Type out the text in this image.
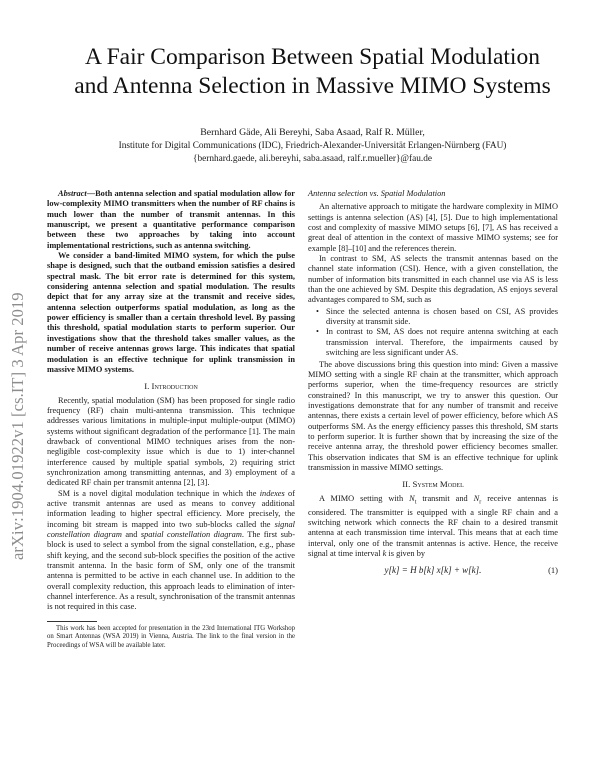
arXiv:1904.01922v1 [cs.IT] 3 Apr 2019
A Fair Comparison Between Spatial Modulation
and Antenna Selection in Massive MIMO Systems
Bernhard Gäde, Ali Bereyhi, Saba Asaad, Ralf R. Müller,
Institute for Digital Communications (IDC), Friedrich-Alexander-Universität Erlangen-Nürnberg (FAU)
{bernhard.gaede, ali.bereyhi, saba.asaad, ralf.r.mueller}@fau.de

Abstract—Both antenna selection and spatial modulation allow for low-complexity MIMO transmitters when the number of RF chains is much lower than the number of transmit antennas. In this manuscript, we present a quantitative performance comparison between these two approaches by taking into account implementational restrictions, such as antenna switching.

We consider a band-limited MIMO system, for which the pulse shape is designed, such that the outband emission satisfies a desired spectral mask. The bit error rate is determined for this system, considering antenna selection and spatial modulation. The results depict that for any array size at the transmit and receive sides, antenna selection outperforms spatial modulation, as long as the power efficiency is smaller than a certain threshold level. By passing this threshold, spatial modulation starts to perform superior. Our investigations show that the threshold takes smaller values, as the number of receive antennas grows large. This indicates that spatial modulation is an effective technique for uplink transmission in massive MIMO systems.

I. Introduction

Recently, spatial modulation (SM) has been proposed for single radio frequency (RF) chain multi-antenna transmission. This technique addresses various limitations in multiple-input multiple-output (MIMO) systems without significant degradation of the performance [1]. The main drawback of conventional MIMO techniques arises from the non-negligible cost-complexity issue which is due to 1) inter-channel interference caused by multiple spatial symbols, 2) requiring strict synchronization among transmitting antennas, and 3) employment of a dedicated RF chain per transmit antenna [2], [3].

SM is a novel digital modulation technique in which the indexes of active transmit antennas are used as means to convey additional information leading to higher spectral efficiency. More precisely, the incoming bit stream is mapped into two sub-blocks called the signal constellation diagram and spatial constellation diagram. The first sub-block is used to select a symbol from the signal constellation, e.g., phase shift keying, and the second sub-block specifies the position of the active transmit antenna. In the basic form of SM, only one of the transmit antenna is permitted to be active in each channel use. In addition to the overall complexity reduction, this approach leads to elimination of inter-channel interference. As a result, synchronisation of the transmit antennas is not required in this case.

This work has been accepted for presentation in the 23rd International ITG Workshop on Smart Antennas (WSA 2019) in Vienna, Austria. The link to the final version in the Proceedings of WSA will be available later.

Antenna selection vs. Spatial Modulation

An alternative approach to mitigate the hardware complexity in MIMO settings is antenna selection (AS) [4], [5]. Due to high implementational cost and complexity of massive MIMO setups [6], [7], AS has received a great deal of attention in the context of massive MIMO systems; see for example [8]–[10] and the references therein.

In contrast to SM, AS selects the transmit antennas based on the channel state information (CSI). Hence, with a given constellation, the number of information bits transmitted in each channel use via AS is less than the one achieved by SM. Despite this degradation, AS enjoys several advantages compared to SM, such as

• Since the selected antenna is chosen based on CSI, AS provides diversity at transmit side.
• In contrast to SM, AS does not require antenna switching at each transmission interval. Therefore, the impairments caused by switching are less significant under AS.

The above discussions bring this question into mind: Given a massive MIMO setting with a single RF chain at the transmitter, which approach performs superior, when the time-frequency resources are strictly constrained? In this manuscript, we try to answer this question. Our investigations demonstrate that for any number of transmit and receive antennas, there exists a certain level of power efficiency, before which AS outperforms SM. As the energy efficiency passes this threshold, SM starts to perform superior. It is further shown that by increasing the size of the receive antenna array, the threshold power efficiency becomes smaller. This observation indicates that SM is an effective technique for uplink transmission in massive MIMO settings.

II. System Model

A MIMO setting with $N_t$ transmit and $N_r$ receive antennas is considered. The transmitter is equipped with a single RF chain and a switching network which connects the RF chain to a desired transmit antenna at each transmission time interval. This means that at each time interval, only one of the transmit antennas is active. Hence, the receive signal at time interval k is given by

y[k] = H b[k] x[k] + w[k].	(1)
